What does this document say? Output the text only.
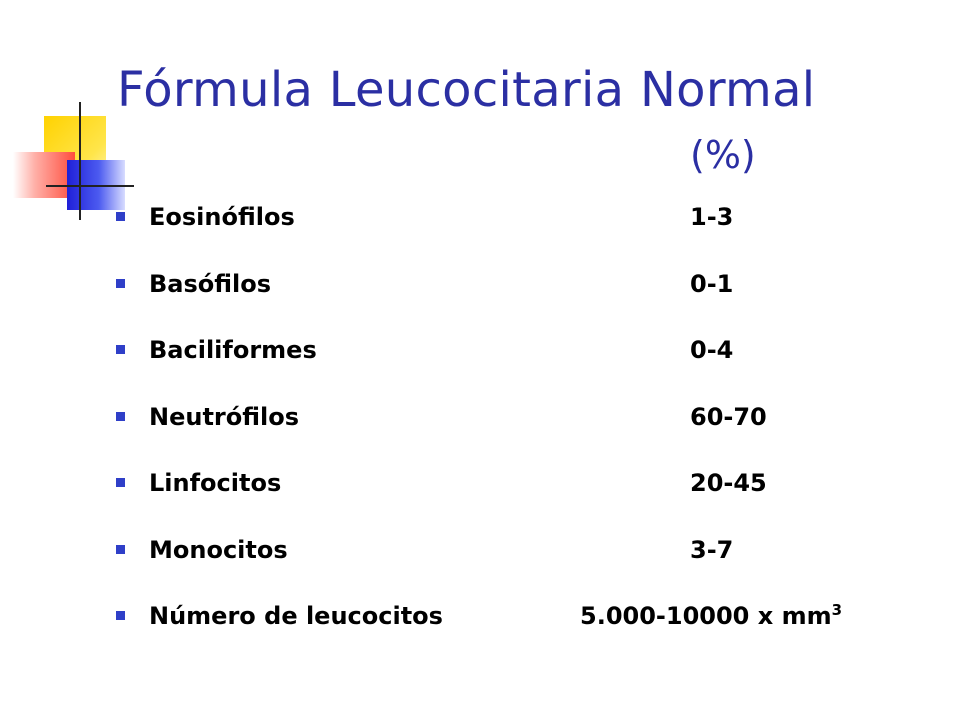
Fórmula Leucocitaria Normal
(%)
Eosinófilos	1-3
Basófilos	0-1
Baciliformes	0-4
Neutrófilos	60-70
Linfocitos	20-45
Monocitos	3-7
Número de leucocitos	5.000-10000 x $mm^3$
